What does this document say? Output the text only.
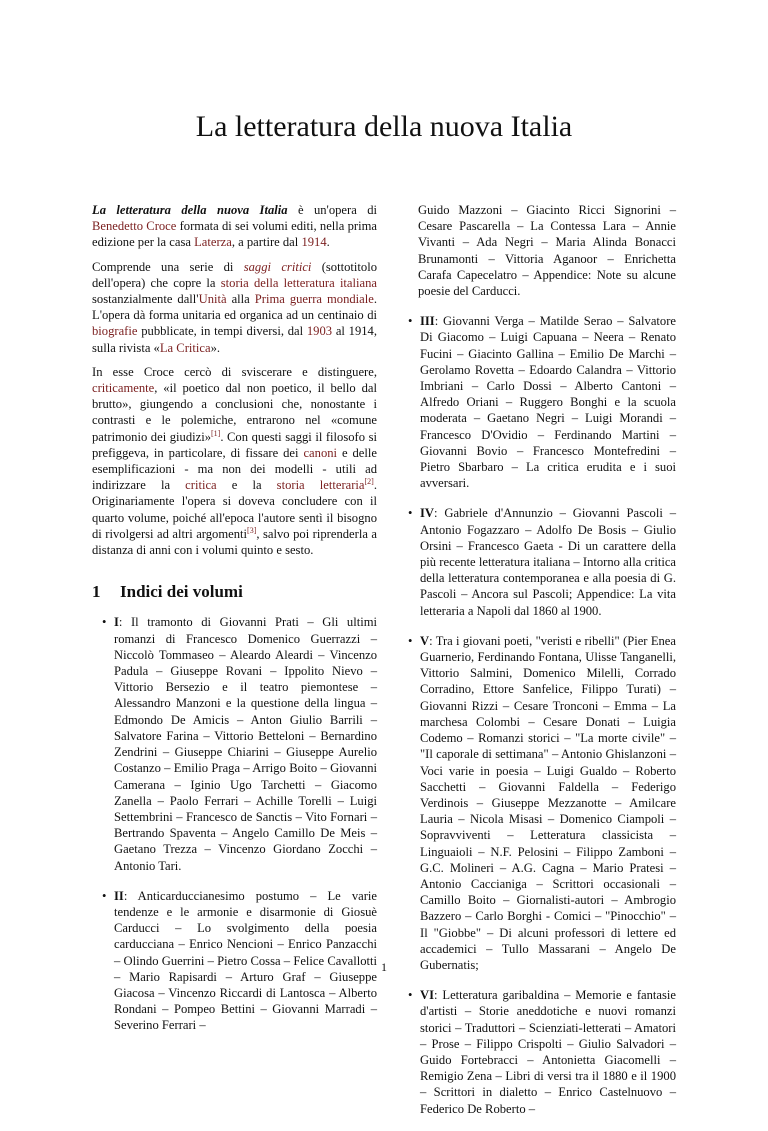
La letteratura della nuova Italia

La letteratura della nuova Italia è un'opera di Benedetto Croce formata di sei volumi editi, nella prima edizione per la casa Laterza, a partire dal 1914.

Comprende una serie di saggi critici (sottotitolo dell'opera) che copre la storia della letteratura italiana sostanzialmente dall'Unità alla Prima guerra mondiale. L'opera dà forma unitaria ed organica ad un centinaio di biografie pubblicate, in tempi diversi, dal 1903 al 1914, sulla rivista «La Critica».

In esse Croce cercò di sviscerare e distinguere, criticamente, «il poetico dal non poetico, il bello dal brutto», giungendo a conclusioni che, nonostante i contrasti e le polemiche, entrarono nel «comune patrimonio dei giudizi»[1]. Con questi saggi il filosofo si prefiggeva, in particolare, di fissare dei canoni e delle esemplificazioni - ma non dei modelli - utili ad indirizzare la critica e la storia letteraria[2]. Originariamente l'opera si doveva concludere con il quarto volume, poiché all'epoca l'autore sentì il bisogno di rivolgersi ad altri argomenti[3], salvo poi riprenderla a distanza di anni con i volumi quinto e sesto.

1 Indici dei volumi
• I: Il tramonto di Giovanni Prati – Gli ultimi romanzi di Francesco Domenico Guerrazzi – Niccolò Tommaseo – Aleardo Aleardi – Vincenzo Padula – Giuseppe Rovani – Ippolito Nievo – Vittorio Bersezio e il teatro piemontese – Alessandro Manzoni e la questione della lingua – Edmondo De Amicis – Anton Giulio Barrili – Salvatore Farina – Vittorio Betteloni – Bernardino Zendrini – Giuseppe Chiarini – Giuseppe Aurelio Costanzo – Emilio Praga – Arrigo Boito – Giovanni Camerana – Iginio Ugo Tarchetti – Giacomo Zanella – Paolo Ferrari – Achille Torelli – Luigi Settembrini – Francesco de Sanctis – Vito Fornari – Bertrando Spaventa – Angelo Camillo De Meis – Gaetano Trezza – Vincenzo Giordano Zocchi – Antonio Tari.
• II: Anticarduccianesimo postumo – Le varie tendenze e le armonie e disarmonie di Giosuè Carducci – Lo svolgimento della poesia carducciana – Enrico Nencioni – Enrico Panzacchi – Olindo Guerrini – Pietro Cossa – Felice Cavallotti – Mario Rapisardi – Arturo Graf – Giuseppe Giacosa – Vincenzo Riccardi di Lantosca – Alberto Rondani – Pompeo Bettini – Giovanni Marradi – Severino Ferrari –
Guido Mazzoni – Giacinto Ricci Signorini – Cesare Pascarella – La Contessa Lara – Annie Vivanti – Ada Negri – Maria Alinda Bonacci Brunamonti – Vittoria Aganoor – Enrichetta Carafa Capecelatro – Appendice: Note su alcune poesie del Carducci.
• III: Giovanni Verga – Matilde Serao – Salvatore Di Giacomo – Luigi Capuana – Neera – Renato Fucini – Giacinto Gallina – Emilio De Marchi – Gerolamo Rovetta – Edoardo Calandra – Vittorio Imbriani – Carlo Dossi – Alberto Cantoni – Alfredo Oriani – Ruggero Bonghi e la scuola moderata – Gaetano Negri – Luigi Morandi – Francesco D'Ovidio – Ferdinando Martini – Giovanni Bovio – Francesco Montefredini – Pietro Sbarbaro – La critica erudita e i suoi avversari.
• IV: Gabriele d'Annunzio – Giovanni Pascoli – Antonio Fogazzaro – Adolfo De Bosis – Giulio Orsini – Francesco Gaeta - Di un carattere della più recente letteratura italiana – Intorno alla critica della letteratura contemporanea e alla poesia di G. Pascoli – Ancora sul Pascoli; Appendice: La vita letteraria a Napoli dal 1860 al 1900.
• V: Tra i giovani poeti, "veristi e ribelli" (Pier Enea Guarnerio, Ferdinando Fontana, Ulisse Tanganelli, Vittorio Salmini, Domenico Milelli, Corrado Corradino, Ettore Sanfelice, Filippo Turati) – Giovanni Rizzi – Cesare Tronconi – Emma – La marchesa Colombi – Cesare Donati – Luigia Codemo – Romanzi storici – "La morte civile" – "Il caporale di settimana" – Antonio Ghislanzoni – Voci varie in poesia – Luigi Gualdo – Roberto Sacchetti – Giovanni Faldella – Federigo Verdinois – Giuseppe Mezzanotte – Amilcare Lauria – Nicola Misasi – Domenico Ciampoli – Sopravviventi – Letteratura classicista – Linguaioli – N.F. Pelosini – Filippo Zamboni – G.C. Molineri – A.G. Cagna – Mario Pratesi – Antonio Caccianiga – Scrittori occasionali – Camillo Boito – Giornalisti-autori – Ambrogio Bazzero – Carlo Borghi - Comici – "Pinocchio" – Il "Giobbe" – Di alcuni professori di lettere ed accademici – Tullo Massarani – Angelo De Gubernatis;
• VI: Letteratura garibaldina – Memorie e fantasie d'artisti – Storie aneddotiche e nuovi romanzi storici – Traduttori – Scienziati-letterati – Amatori – Prose – Filippo Crispolti – Giulio Salvadori – Guido Fortebracci – Antonietta Giacomelli – Remigio Zena – Libri di versi tra il 1880 e il 1900 – Scrittori in dialetto – Enrico Castelnuovo – Federico De Roberto –
1
